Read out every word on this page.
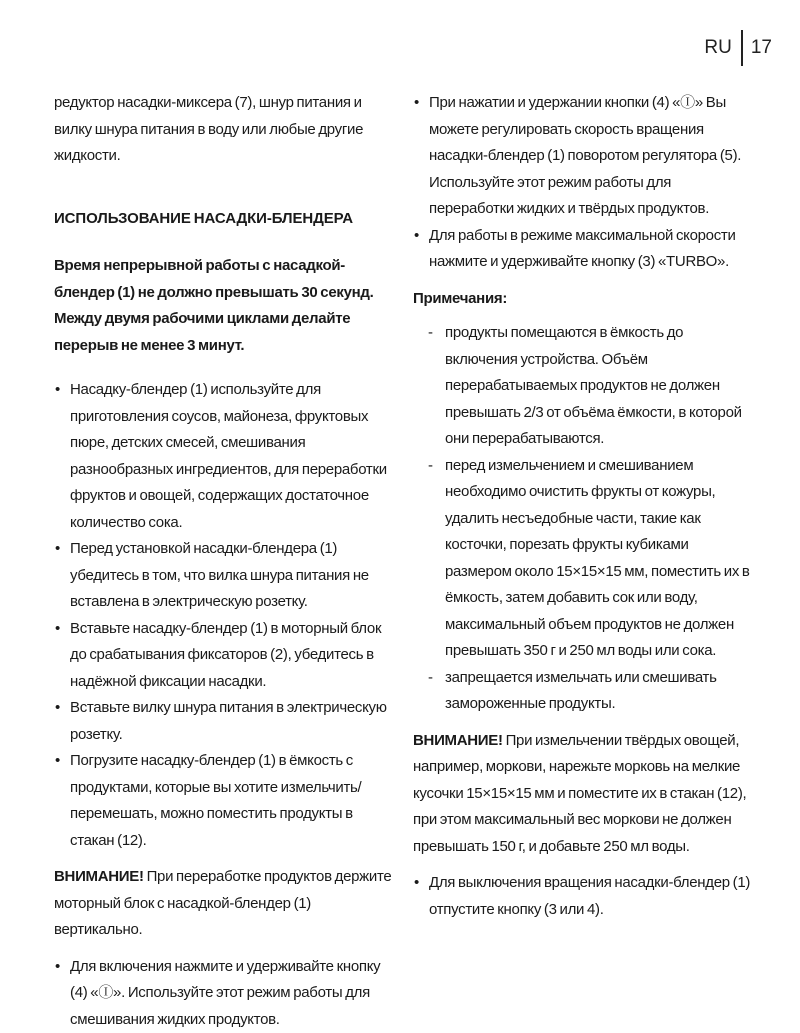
RU	17

редуктор насадки-миксера (7), шнур питания и вилку шнура питания в воду или любые другие жидкости.

ИСПОЛЬЗОВАНИЕ НАСАДКИ-БЛЕНДЕРА

Время непрерывной работы с насадкой-блендер (1) не должно превышать 30 секунд. Между двумя рабочими циклами делайте перерыв не менее 3 минут.

• Насадку-блендер (1) используйте для приготовления соусов, майонеза, фруктовых пюре, детских смесей, смешивания разнообразных ингредиентов, для переработки фруктов и овощей, содержащих достаточное количество сока.
• Перед установкой насадки-блендера (1) убедитесь в том, что вилка шнура питания не вставлена в электрическую розетку.
• Вставьте насадку-блендер (1) в моторный блок до срабатывания фиксаторов (2), убедитесь в надёжной фиксации насадки.
• Вставьте вилку шнура питания в электрическую розетку.
• Погрузите насадку-блендер (1) в ёмкость с продуктами, которые вы хотите измельчить/перемешать, можно поместить продукты в стакан (12).

ВНИМАНИЕ! При переработке продуктов держите моторный блок с насадкой-блендер (1) вертикально.

• Для включения нажмите и удерживайте кнопку (4) «Ⓘ». Используйте этот режим работы для смешивания жидких продуктов.
• При нажатии и удержании кнопки (4) «Ⓘ» Вы можете регулировать скорость вращения насадки-блендер (1) поворотом регулятора (5). Используйте этот режим работы для переработки жидких и твёрдых продуктов.
• Для работы в режиме максимальной скорости нажмите и удерживайте кнопку (3) «TURBO».

Примечания:

- продукты помещаются в ёмкость до включения устройства. Объём перерабатываемых продуктов не должен превышать 2/3 от объёма ёмкости, в которой они перерабатываются.
- перед измельчением и смешиванием необходимо очистить фрукты от кожуры, удалить несъедобные части, такие как косточки, порезать фрукты кубиками размером около 15×15×15 мм, поместить их в ёмкость, затем добавить сок или воду, максимальный объем продуктов не должен превышать 350 г и 250 мл воды или сока.
- запрещается измельчать или смешивать замороженные продукты.

ВНИМАНИЕ! При измельчении твёрдых овощей, например, моркови, нарежьте морковь на мелкие кусочки 15×15×15 мм и поместите их в стакан (12), при этом максимальный вес моркови не должен превышать 150 г, и добавьте 250 мл воды.

• Для выключения вращения насадки-блендер (1) отпустите кнопку (3 или 4).
